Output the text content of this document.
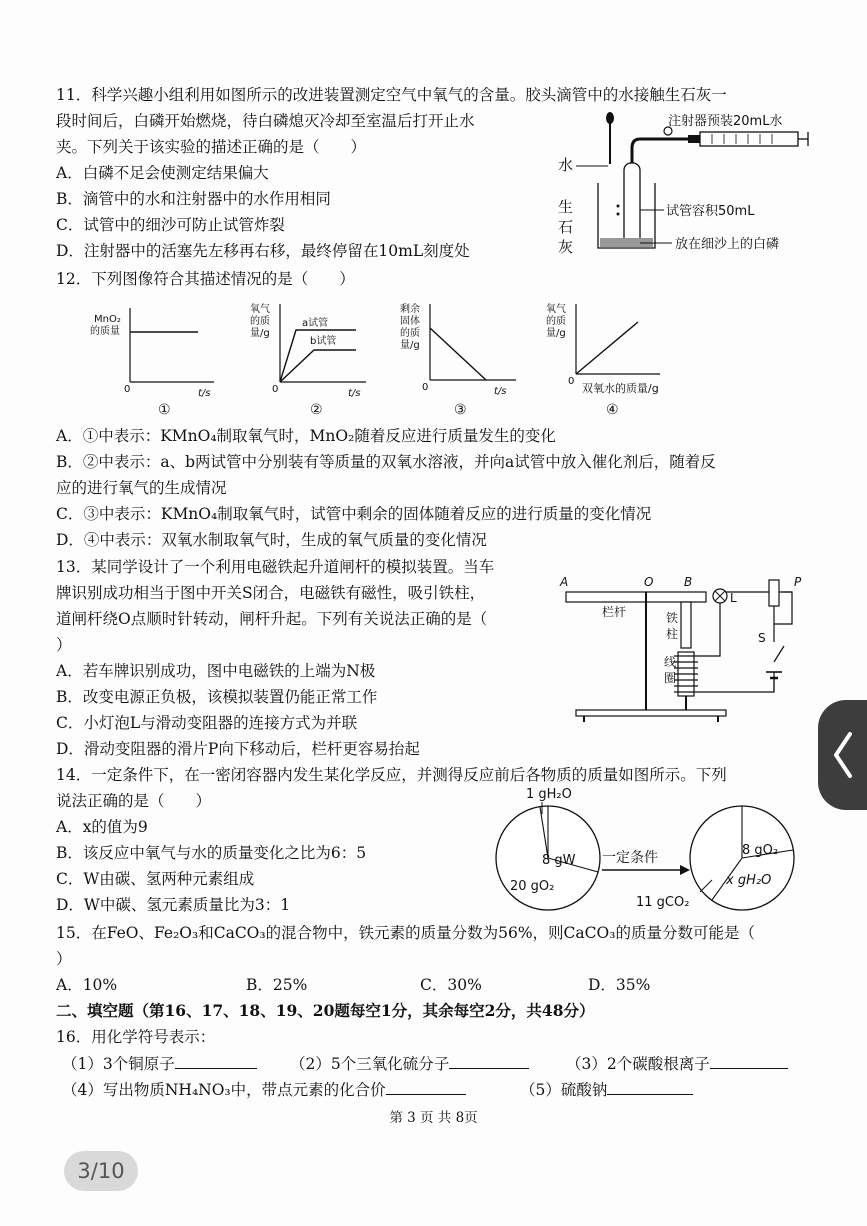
11．科学兴趣小组利用如图所示的改进装置测定空气中氧气的含量。胶头滴管中的水接触生石灰一
段时间后，白磷开始燃烧，待白磷熄灭冷却至室温后打开止水
夹。下列关于该实验的描述正确的是（　　）
A．白磷不足会使测定结果偏大
B．滴管中的水和注射器中的水作用相同
C．试管中的细沙可防止试管炸裂
D．注射器中的活塞先左移再右移，最终停留在10mL刻度处
注射器预装20mL水
水
生
石
灰
试管容积50mL
放在细沙上的白磷
12．下列图像符合其描述情况的是（　　）
MnO₂
的质量
0	t/s
①
氧气
的质
量/g
a试管
b试管
0	t/s
②
剩余
固体
的质
量/g
0	t/s
③
氧气
的质
量/g
0
双氧水的质量/g
④
A．①中表示：KMnO₄制取氧气时，MnO₂随着反应进行质量发生的变化
B．②中表示：a、b两试管中分别装有等质量的双氧水溶液，并向a试管中放入催化剂后，随着反
应的进行氧气的生成情况
C．③中表示：KMnO₄制取氧气时，试管中剩余的固体随着反应的进行质量的变化情况
D．④中表示：双氧水制取氧气时，生成的氧气质量的变化情况
13．某同学设计了一个利用电磁铁起升道闸杆的模拟装置。当车
牌识别成功相当于图中开关S闭合，电磁铁有磁性，吸引铁柱，
道闸杆绕O点顺时针转动，闸杆升起。下列有关说法正确的是（
）
A．若车牌识别成功，图中电磁铁的上端为N极
B．改变电源正负极，该模拟装置仍能正常工作
C．小灯泡L与滑动变阻器的连接方式为并联
D．滑动变阻器的滑片P向下移动后，栏杆更容易抬起
A	O	B
栏杆	铁
柱
线
圈
L
P
S
14．一定条件下，在一密闭容器内发生某化学反应，并测得反应前后各物质的质量如图所示。下列
说法正确的是（　　）
A．x的值为9
B．该反应中氧气与水的质量变化之比为6：5
C．W由碳、氢两种元素组成
D．W中碳、氢元素质量比为3：1
1 gH₂O
8 gW
20 gO₂
一定条件	8 gO₂
x gH₂O
11 gCO₂
15．在FeO、Fe₂O₃和CaCO₃的混合物中，铁元素的质量分数为56%，则CaCO₃的质量分数可能是（
）
A．10%	B．25%	C．30%	D．35%
二、填空题（第16、17、18、19、20题每空1分，其余每空2分，共48分）
16．用化学符号表示：
（1）3个铜原子	（2）5个三氧化硫分子	（3）2个碳酸根离子
（4）写出物质NH₄NO₃中，带点元素的化合价	（5）硫酸钠
第 3 页 共 8页
3/10
